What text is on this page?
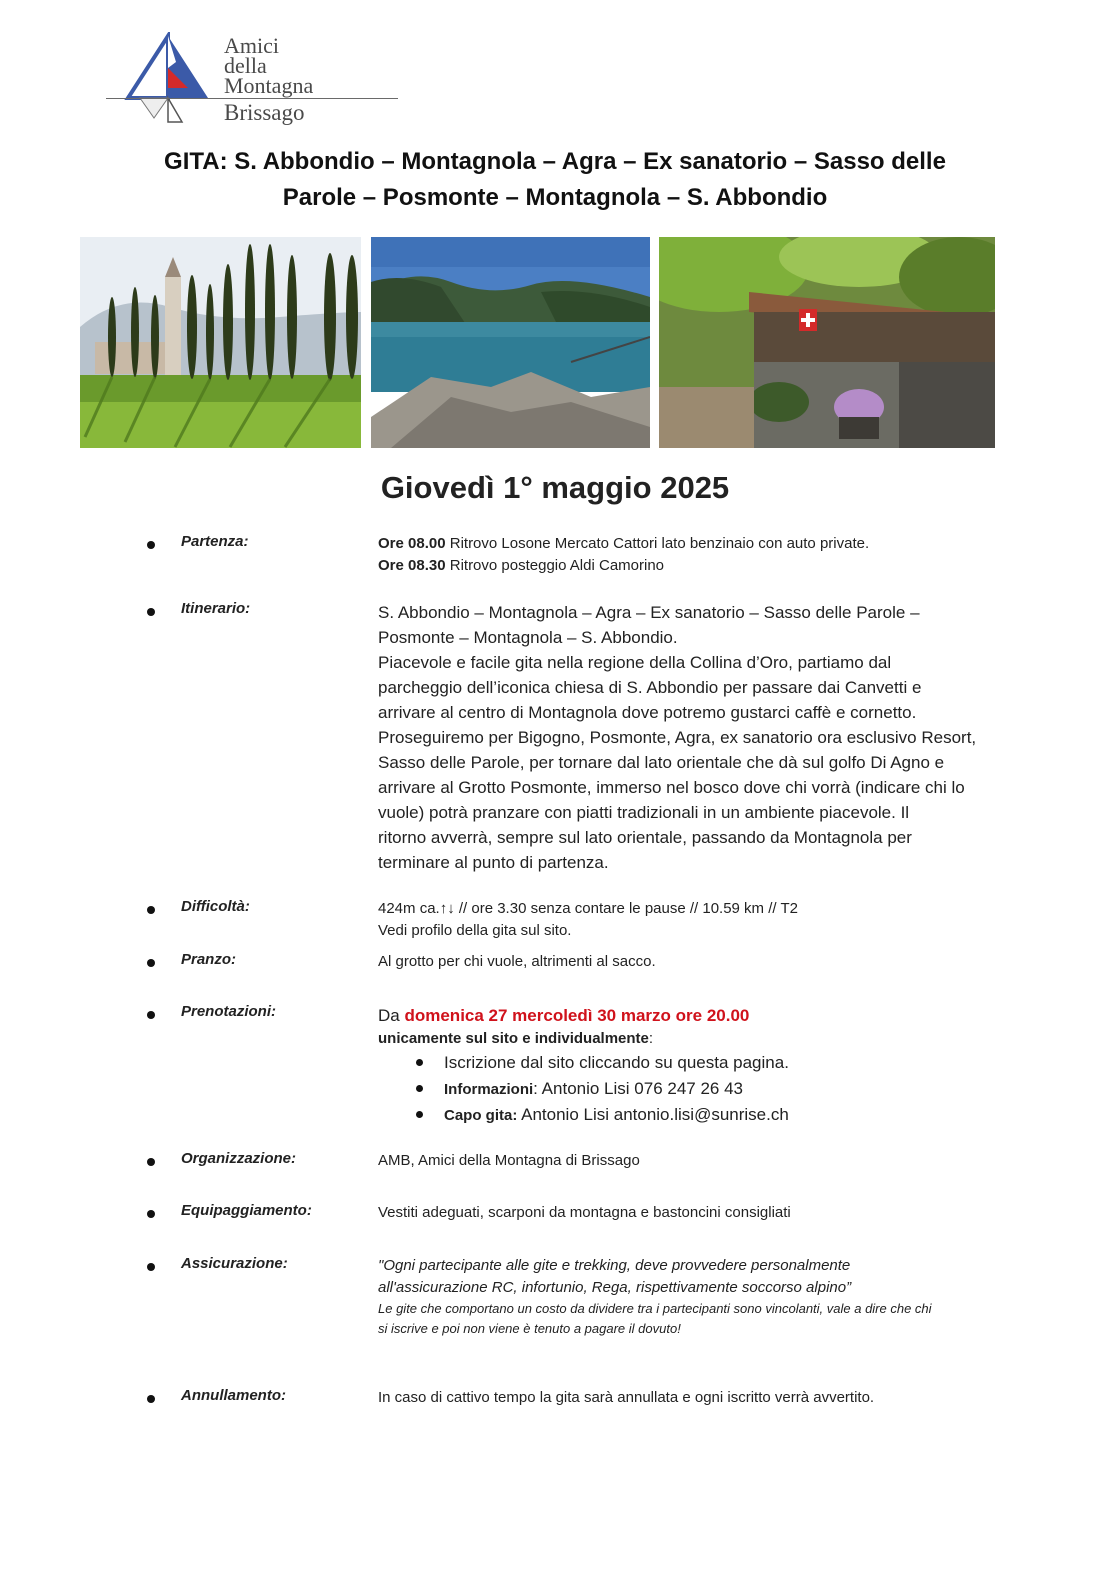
Amici
della
Montagna
Brissago
GITA: S. Abbondio – Montagnola – Agra – Ex sanatorio – Sasso delle
Parole – Posmonte – Montagnola – S. Abbondio
Giovedì 1° maggio 2025
Partenza:	Ore 08.00 Ritrovo Losone Mercato Cattori lato benzinaio con auto private.
Ore 08.30 Ritrovo posteggio Aldi Camorino
Itinerario:	S. Abbondio – Montagnola – Agra – Ex sanatorio – Sasso delle Parole –
Posmonte – Montagnola – S. Abbondio.
Piacevole e facile gita nella regione della Collina d’Oro, partiamo dal
parcheggio dell’iconica chiesa di S. Abbondio per passare dai Canvetti e
arrivare al centro di Montagnola dove potremo gustarci caffè e cornetto.
Proseguiremo per Bigogno, Posmonte, Agra, ex sanatorio ora esclusivo Resort,
Sasso delle Parole, per tornare dal lato orientale che dà sul golfo Di Agno e
arrivare al Grotto Posmonte, immerso nel bosco dove chi vorrà (indicare chi lo
vuole) potrà pranzare con piatti tradizionali in un ambiente piacevole. Il
ritorno avverrà, sempre sul lato orientale, passando da Montagnola per
terminare al punto di partenza.
Difficoltà:	424m ca.↑↓ // ore 3.30 senza contare le pause // 10.59 km // T2
Vedi profilo della gita sul sito.
Pranzo:	Al grotto per chi vuole, altrimenti al sacco.
Prenotazioni:	Da domenica 27 mercoledì 30 marzo ore 20.00
unicamente sul sito e individualmente:
Iscrizione dal sito cliccando su questa pagina.
Informazioni: Antonio Lisi 076 247 26 43
Capo gita: Antonio Lisi antonio.lisi@sunrise.ch
Organizzazione:	AMB, Amici della Montagna di Brissago
Equipaggiamento:	Vestiti adeguati, scarponi da montagna e bastoncini consigliati
Assicurazione:	"Ogni partecipante alle gite e trekking, deve provvedere personalmente
all'assicurazione RC, infortunio, Rega, rispettivamente soccorso alpino”
Le gite che comportano un costo da dividere tra i partecipanti sono vincolanti, vale a dire che chi
si iscrive e poi non viene è tenuto a pagare il dovuto!
Annullamento:	In caso di cattivo tempo la gita sarà annullata e ogni iscritto verrà avvertito.
